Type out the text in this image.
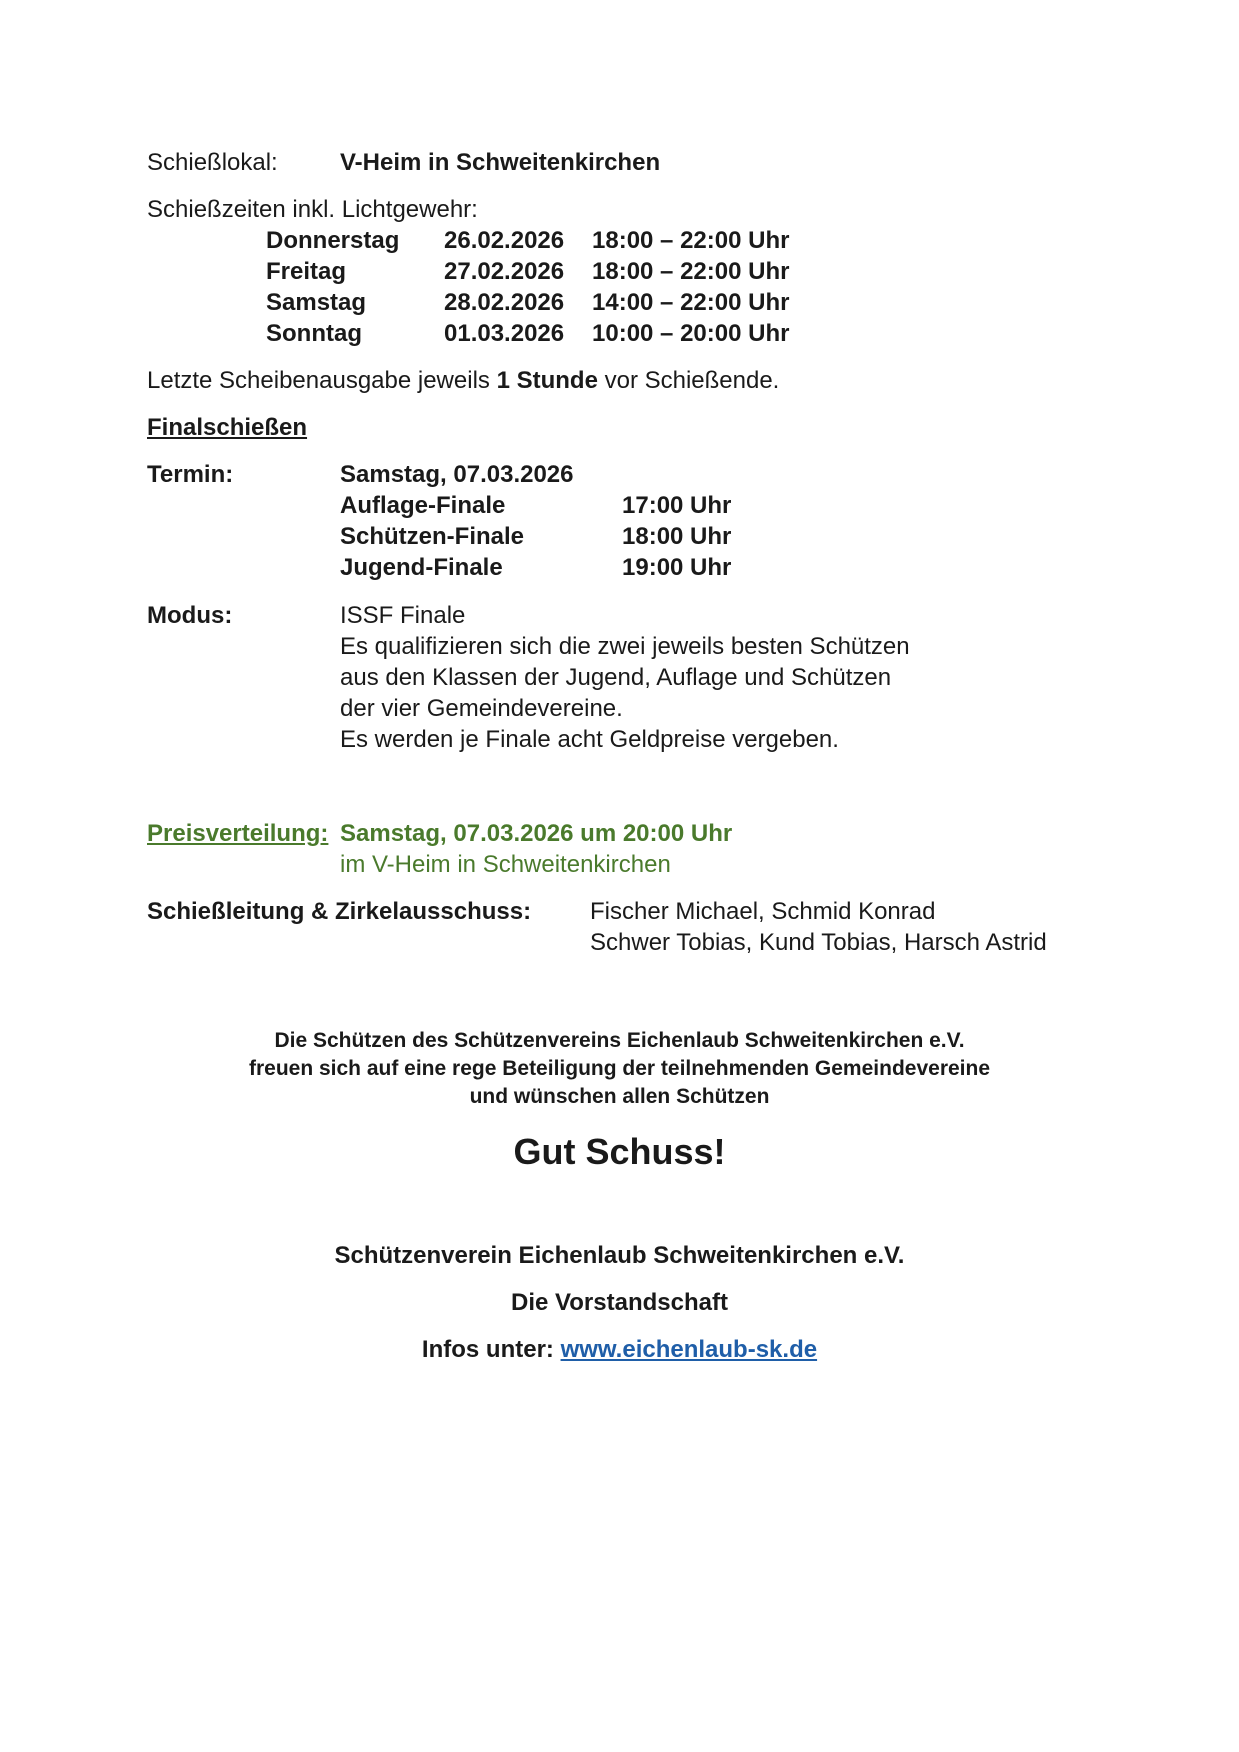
Schießlokal:	V-Heim in Schweitenkirchen
Schießzeiten inkl. Lichtgewehr:
Donnerstag 26.02.2026 18:00 – 22:00 Uhr
Freitag	27.02.2026 18:00 – 22:00 Uhr
Samstag	28.02.2026 14:00 – 22:00 Uhr
Sonntag	01.03.2026 10:00 – 20:00 Uhr
Letzte Scheibenausgabe jeweils 1 Stunde vor Schießende.
Finalschießen
Termin:	Samstag, 07.03.2026
Auflage-Finale	17:00 Uhr
Schützen-Finale	18:00 Uhr
Jugend-Finale	19:00 Uhr
Modus:	ISSF Finale
Es qualifizieren sich die zwei jeweils besten Schützen
aus den Klassen der Jugend, Auflage und Schützen
der vier Gemeindevereine.
Es werden je Finale acht Geldpreise vergeben.
Preisverteilung: Samstag, 07.03.2026 um 20:00 Uhr
im V-Heim in Schweitenkirchen
Schießleitung & Zirkelausschuss: Fischer Michael, Schmid Konrad
Schwer Tobias, Kund Tobias, Harsch Astrid
Die Schützen des Schützenvereins Eichenlaub Schweitenkirchen e.V.
freuen sich auf eine rege Beteiligung der teilnehmenden Gemeindevereine
und wünschen allen Schützen
Gut Schuss!
Schützenverein Eichenlaub Schweitenkirchen e.V.
Die Vorstandschaft
Infos unter: www.eichenlaub-sk.de
